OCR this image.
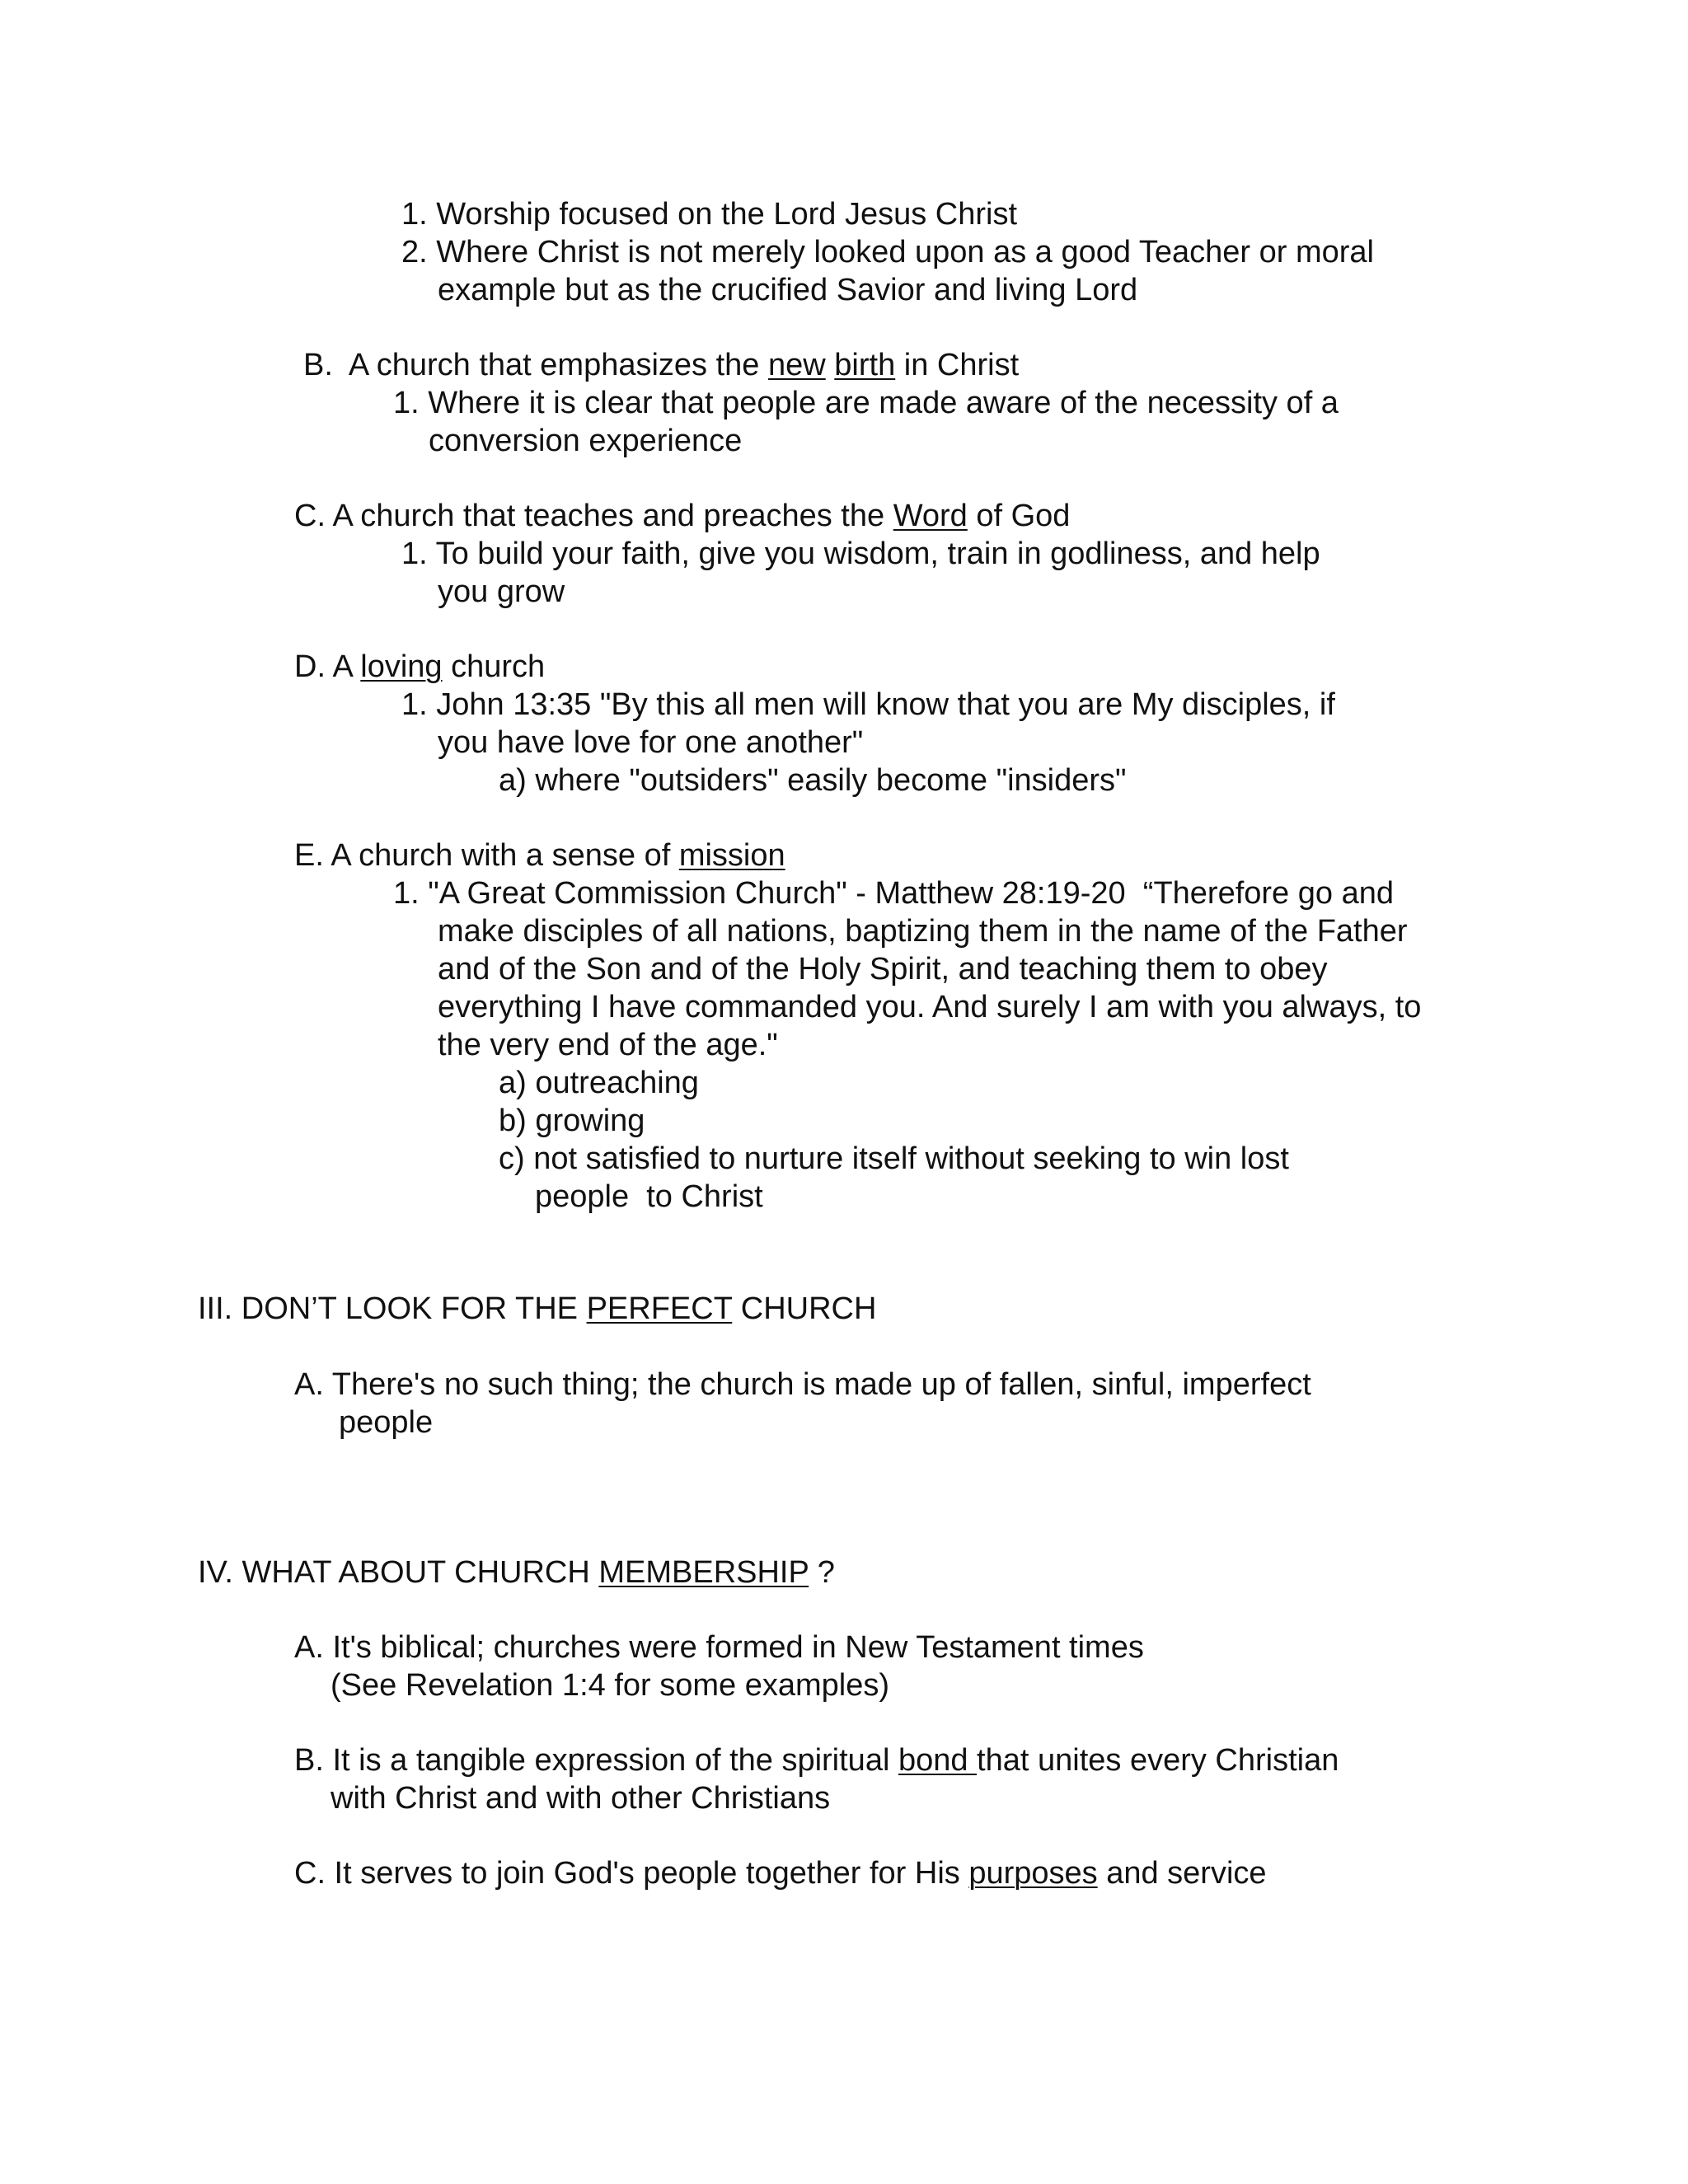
1. Worship focused on the Lord Jesus Christ
2. Where Christ is not merely looked upon as a good Teacher or moral
example but as the crucified Savior and living Lord
B.  A church that emphasizes the new birth in Christ
1. Where it is clear that people are made aware of the necessity of a
conversion experience
C. A church that teaches and preaches the Word of God
1. To build your faith, give you wisdom, train in godliness, and help
you grow
D. A loving church
1. John 13:35 "By this all men will know that you are My disciples, if
you have love for one another"
a) where "outsiders" easily become "insiders"
E. A church with a sense of mission
1. "A Great Commission Church" - Matthew 28:19-20  “Therefore go and
make disciples of all nations, baptizing them in the name of the Father
and of the Son and of the Holy Spirit, and teaching them to obey
everything I have commanded you. And surely I am with you always, to
the very end of the age."
a) outreaching
b) growing
c) not satisfied to nurture itself without seeking to win lost
people  to Christ
III. DON’T LOOK FOR THE PERFECT CHURCH
A. There's no such thing; the church is made up of fallen, sinful, imperfect
people
IV. WHAT ABOUT CHURCH MEMBERSHIP ?
A. It's biblical; churches were formed in New Testament times
(See Revelation 1:4 for some examples)
B. It is a tangible expression of the spiritual bond that unites every Christian
with Christ and with other Christians
C. It serves to join God's people together for His purposes and service
